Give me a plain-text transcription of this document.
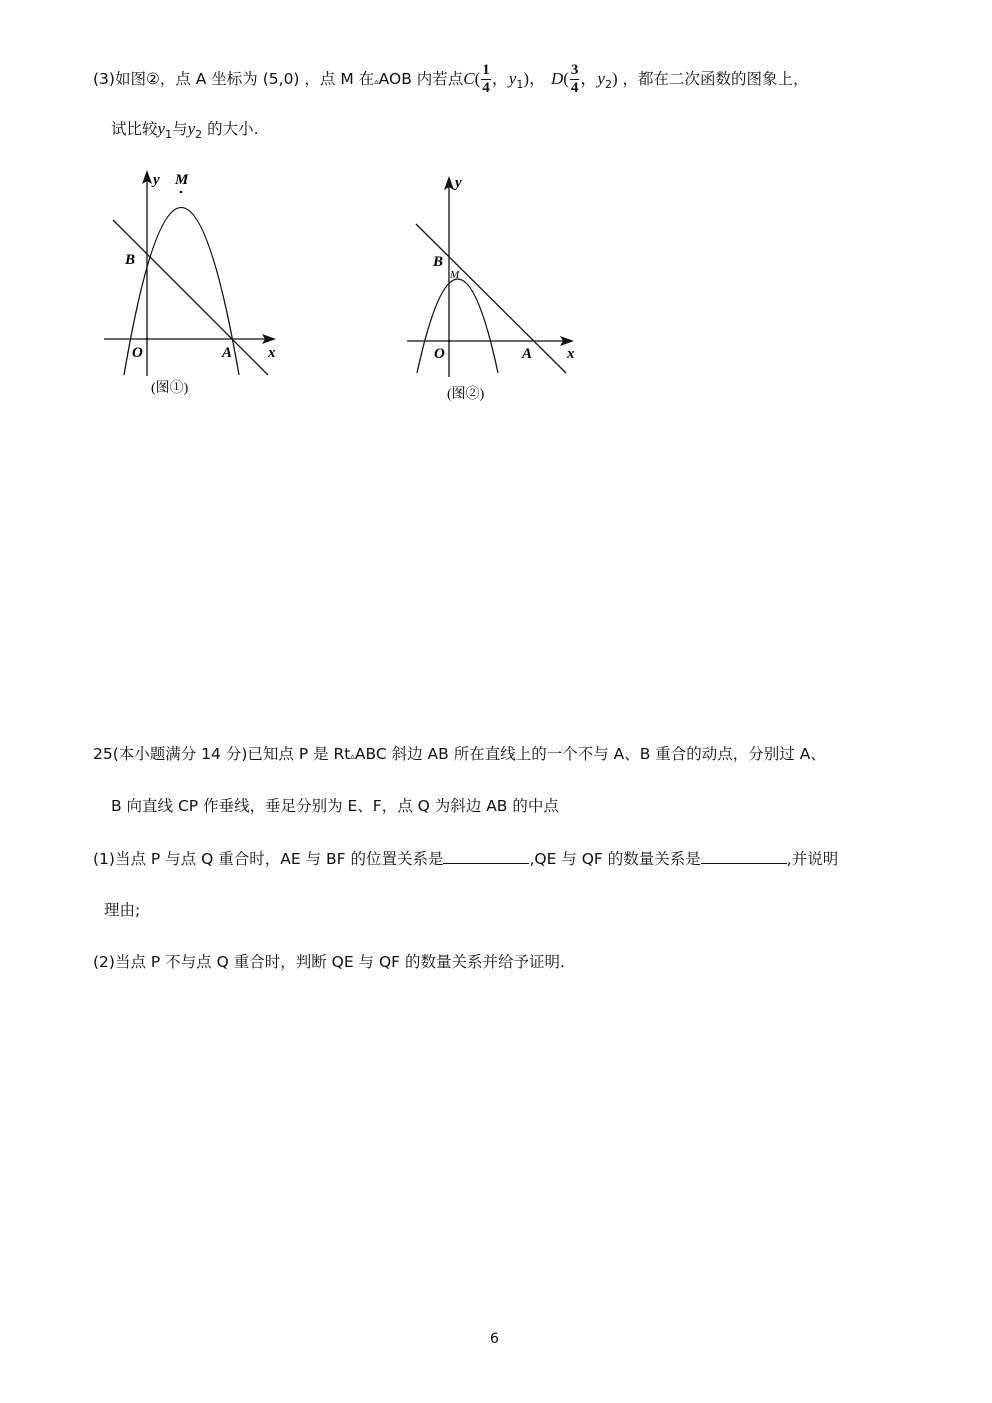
(3)如图②，点 A 坐标为 (5,0) ，点 M 在▵AOB 内若点$C( \frac{1}{4}$ ，$y_1$)， $D( \frac{3}{4}$ ，$y_2$) ，都在二次函数的图象上，
试比较$y_1$与$y_2$ 的大小.
y M
B
O	A x
(图①)
y
B
M
O	A x
(图②)
25(本小题满分 14 分)已知点 P 是 Rt▵ABC 斜边 AB 所在直线上的一个不与 A、B 重合的动点，分别过 A、
B 向直线 CP 作垂线，垂足分别为 E、F，点 Q 为斜边 AB 的中点
(1)当点 P 与点 Q 重合时，AE 与 BF 的位置关系是	,QE 与 QF 的数量关系是	,并说明
理由;
(2)当点 P 不与点 Q 重合时，判断 QE 与 QF 的数量关系并给予证明.
6
